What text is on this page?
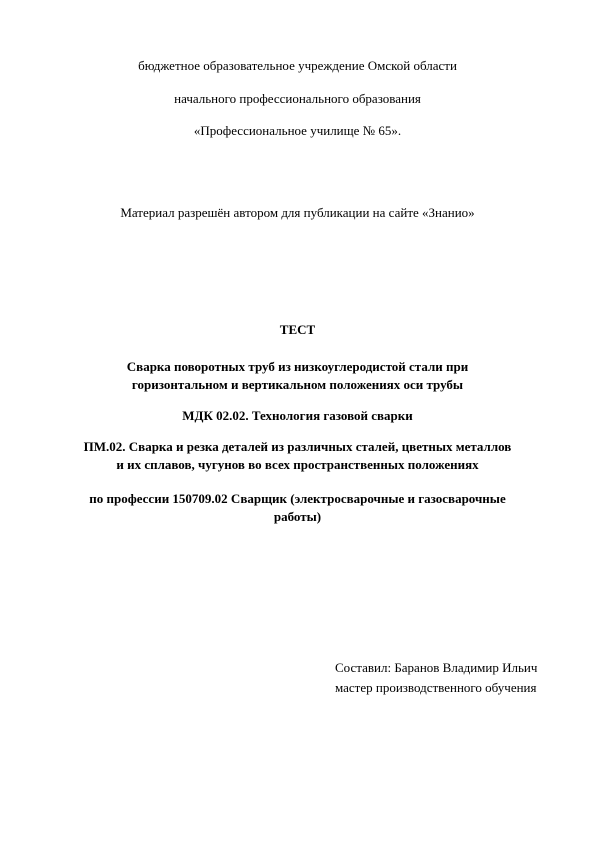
бюджетное образовательное учреждение Омской области
начального профессионального образования
«Профессиональное училище № 65».
Материал разрешён автором для публикации на сайте «Знанио»
ТЕСТ
Сварка поворотных труб из низкоуглеродистой стали при
горизонтальном и вертикальном положениях оси трубы
МДК 02.02. Технология газовой сварки
ПМ.02. Сварка и резка деталей из различных сталей, цветных металлов
и их сплавов, чугунов во всех пространственных положениях
по профессии 150709.02 Сварщик (электросварочные и газосварочные
работы)
Составил: Баранов Владимир Ильич
мастер производственного обучения
